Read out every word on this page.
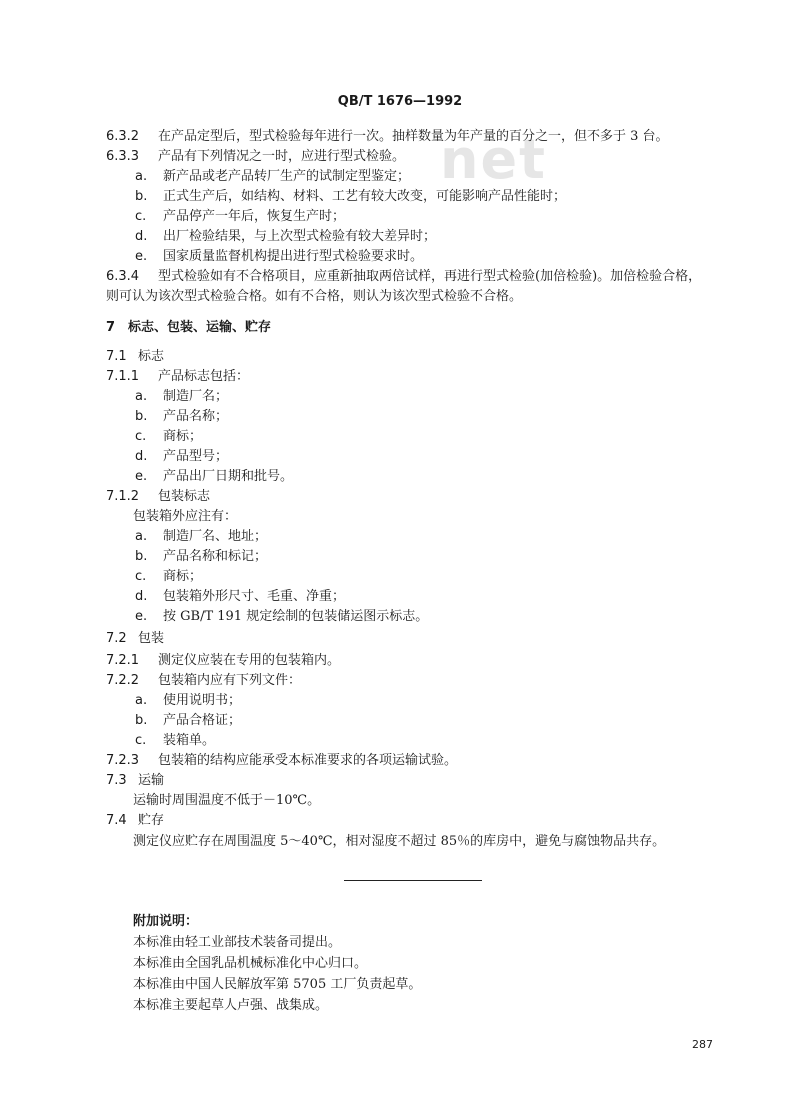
net
QB/T 1676—1992
6.3.2 在产品定型后，型式检验每年进行一次。抽样数量为年产量的百分之一，但不多于 3 台。
6.3.3 产品有下列情况之一时，应进行型式检验。
a. 新产品或老产品转厂生产的试制定型鉴定；
b. 正式生产后，如结构、材料、工艺有较大改变，可能影响产品性能时；
c. 产品停产一年后，恢复生产时；
d. 出厂检验结果，与上次型式检验有较大差异时；
e. 国家质量监督机构提出进行型式检验要求时。
6.3.4 型式检验如有不合格项目，应重新抽取两倍试样，再进行型式检验(加倍检验)。加倍检验合格，
则可认为该次型式检验合格。如有不合格，则认为该次型式检验不合格。
7 标志、包装、运输、贮存
7.1 标志
7.1.1 产品标志包括：
a. 制造厂名；
b. 产品名称；
c. 商标；
d. 产品型号；
e. 产品出厂日期和批号。
7.1.2 包装标志
包装箱外应注有：
a. 制造厂名、地址；
b. 产品名称和标记；
c. 商标；
d. 包装箱外形尺寸、毛重、净重；
e. 按 GB/T 191 规定绘制的包装储运图示标志。
7.2 包装
7.2.1 测定仪应装在专用的包装箱内。
7.2.2 包装箱内应有下列文件：
a. 使用说明书；
b. 产品合格证；
c. 装箱单。
7.2.3 包装箱的结构应能承受本标准要求的各项运输试验。
7.3 运输
运输时周围温度不低于－10℃。
7.4 贮存
测定仪应贮存在周围温度 5～40℃，相对湿度不超过 85％的库房中，避免与腐蚀物品共存。
附加说明：
本标准由轻工业部技术装备司提出。
本标准由全国乳品机械标准化中心归口。
本标准由中国人民解放军第 5705 工厂负责起草。
本标准主要起草人卢强、战集成。
287
